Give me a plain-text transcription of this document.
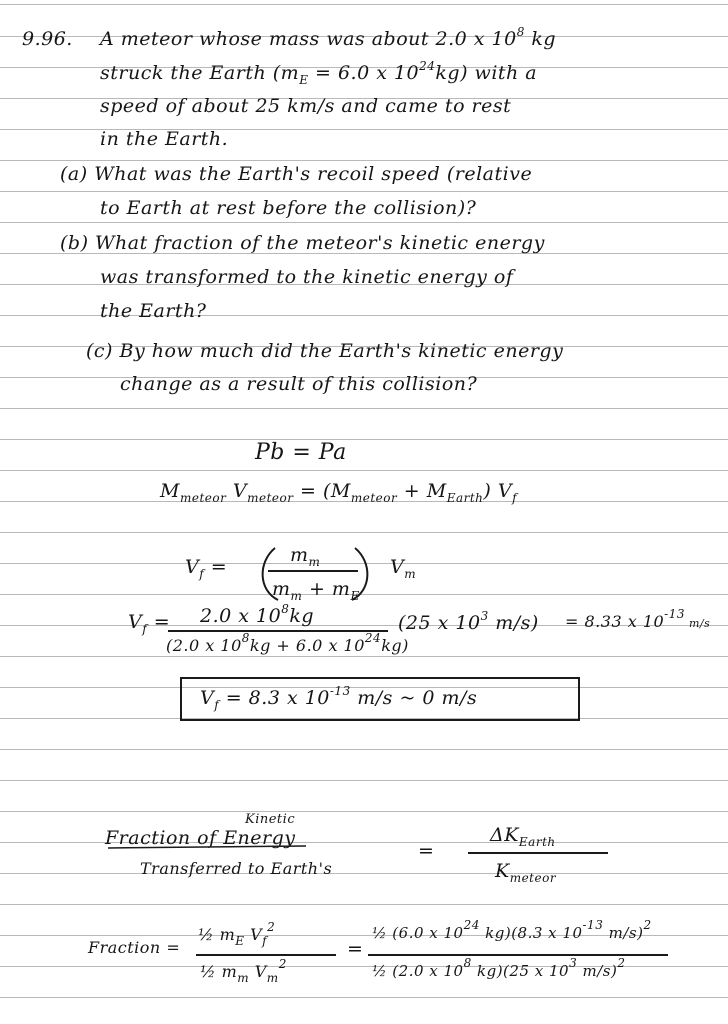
9.96. A meteor whose mass was about 2.0 x $10^8$ kg
struck the Earth ($m_E = 6.0$ x $10^{24}kg$) with a
speed of about 25 km/s and came to rest
in the Earth.
(a) What was the Earth's recoil speed (relative
to Earth at rest before the collision)?
(b) What fraction of the meteor's kinetic energy
was transformed to the kinetic energy of
the Earth?
(c) By how much did the Earth's kinetic energy
change as a result of this collision?
Pb = Pa
$M_{meteor}$ $V_{meteor} = (M_{meteor} + M_{Earth})$ $V_f$
$V_f$ =
$m_m$
$m_m + m_E$
$V_m$
$V_f = 2.0$ x $10^8kg$
(2.0 x $10^8kg + 6.0$ x $10^{24}kg$)
(25 x $10^3$ m/s) = 8.33 x $10^{-13}$ m/s
$V_f = 8.3$ x $10^{-13}$ m/s ~ 0 m/s
Kinetic
Fraction of Energy
Transferred to Earth's
=
$\Delta K_{Earth}$
$K_{meteor}$
Fraction =
½ $m_E$ $V_f^2$
½ $m_m$ $V_m^2$
=
½ (6.0 x $10^{24}$ kg)(8.3 x $10^{-13}$ m/s)$^2$
½ (2.0 x $10^8$ kg)(25 x $10^3$ m/s)$^2$
